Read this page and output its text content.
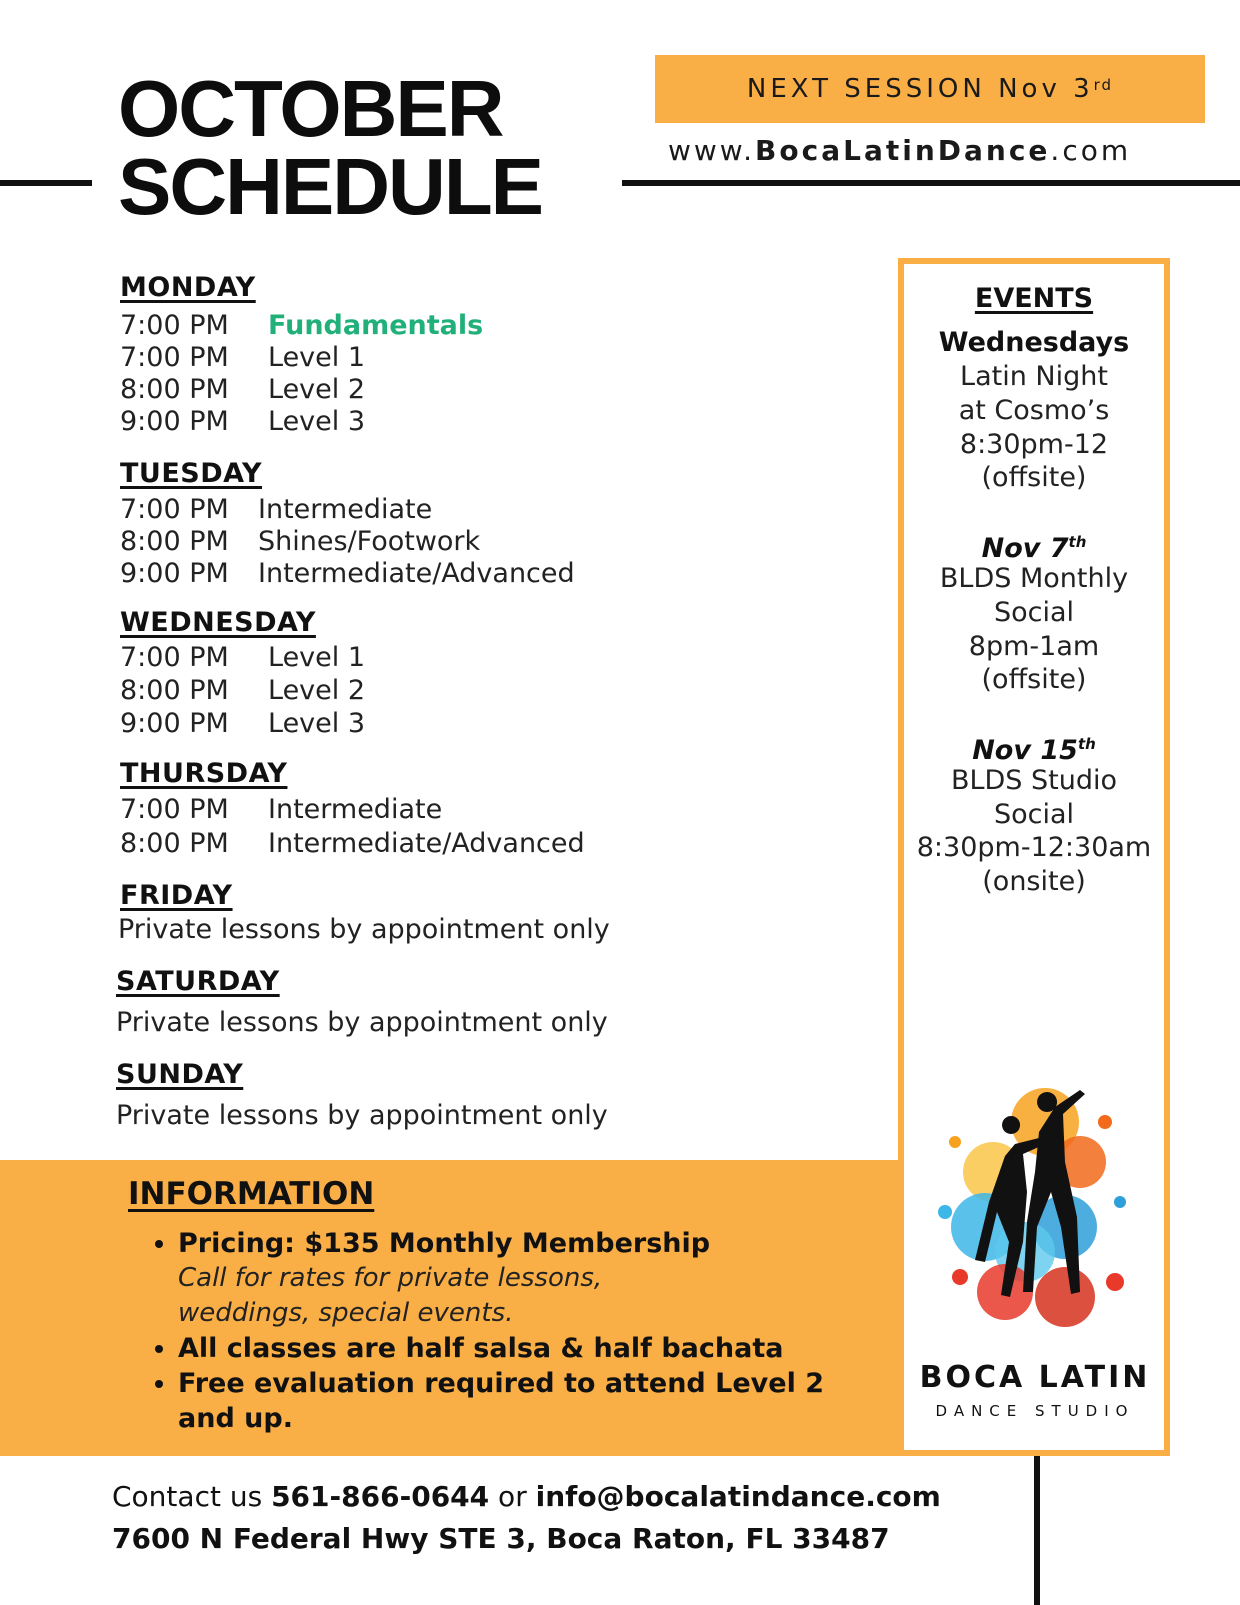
OCTOBER
SCHEDULE
NEXT SESSION Nov 3rd
www.BocaLatinDance.com
MONDAY
7:00 PM Fundamentals
7:00 PM Level 1
8:00 PM Level 2
9:00 PM Level 3
TUESDAY
7:00 PM Intermediate
8:00 PM Shines/Footwork
9:00 PM Intermediate/Advanced
WEDNESDAY
7:00 PM Level 1
8:00 PM Level 2
9:00 PM Level 3
THURSDAY
7:00 PM Intermediate
8:00 PM Intermediate/Advanced
FRIDAY
Private lessons by appointment only
SATURDAY
Private lessons by appointment only
SUNDAY
Private lessons by appointment only
EVENTS
Wednesdays
Latin Night
at Cosmo’s
8:30pm-12
(offsite)
Nov 7th
BLDS Monthly
Social
8pm-1am
(offsite)
Nov 15th
BLDS Studio
Social
8:30pm-12:30am
(onsite)
INFORMATION
• Pricing: $135 Monthly Membership
Call for rates for private lessons,
weddings, special events.
• All classes are half salsa & half bachata
• Free evaluation required to attend Level 2 and up.
BOCA LATIN
DANCE STUDIO
Contact us 561-866-0644 or info@bocalatindance.com
7600 N Federal Hwy STE 3, Boca Raton, FL 33487
